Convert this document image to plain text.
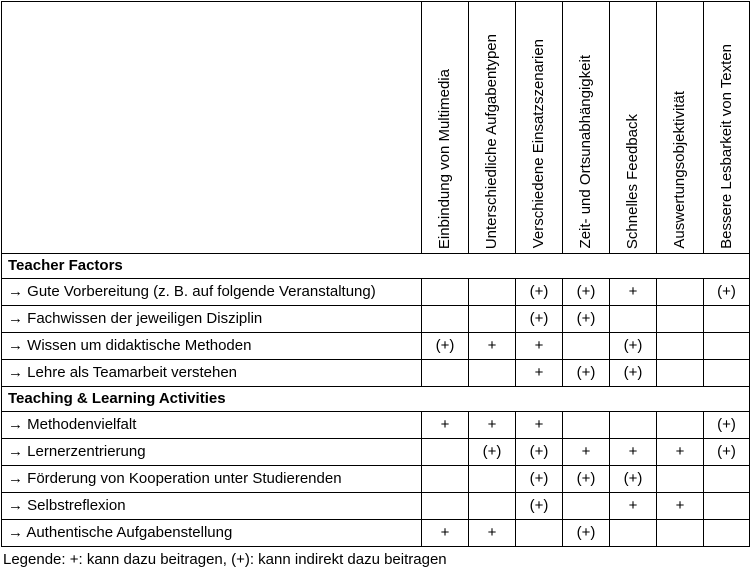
	Einbindung von Multimedia	Unterschiedliche Aufgabentypen	Verschiedene Einsatzszenarien	Zeit- und Ortsunabhängigkeit	Schnelles Feedback	Auswertungsobjektivität	Bessere Lesbarkeit von Texten
Teacher Factors							
→ Gute Vorbereitung (z. B. auf folgende Veranstaltung)			(+)	(+)	+		(+)
→ Fachwissen der jeweiligen Disziplin			(+)	(+)			
→ Wissen um didaktische Methoden	(+)	+	+		(+)		
→ Lehre als Teamarbeit verstehen			+	(+)	(+)		
Teaching & Learning Activities							
→ Methodenvielfalt	+	+	+				(+)
→ Lernerzentrierung		(+)	(+)	+	+	+	(+)
→ Förderung von Kooperation unter Studierenden			(+)	(+)	(+)		
→ Selbstreflexion			(+)		+	+	
→ Authentische Aufgabenstellung	+	+		(+)			
Legende: +: kann dazu beitragen, (+): kann indirekt dazu beitragen
